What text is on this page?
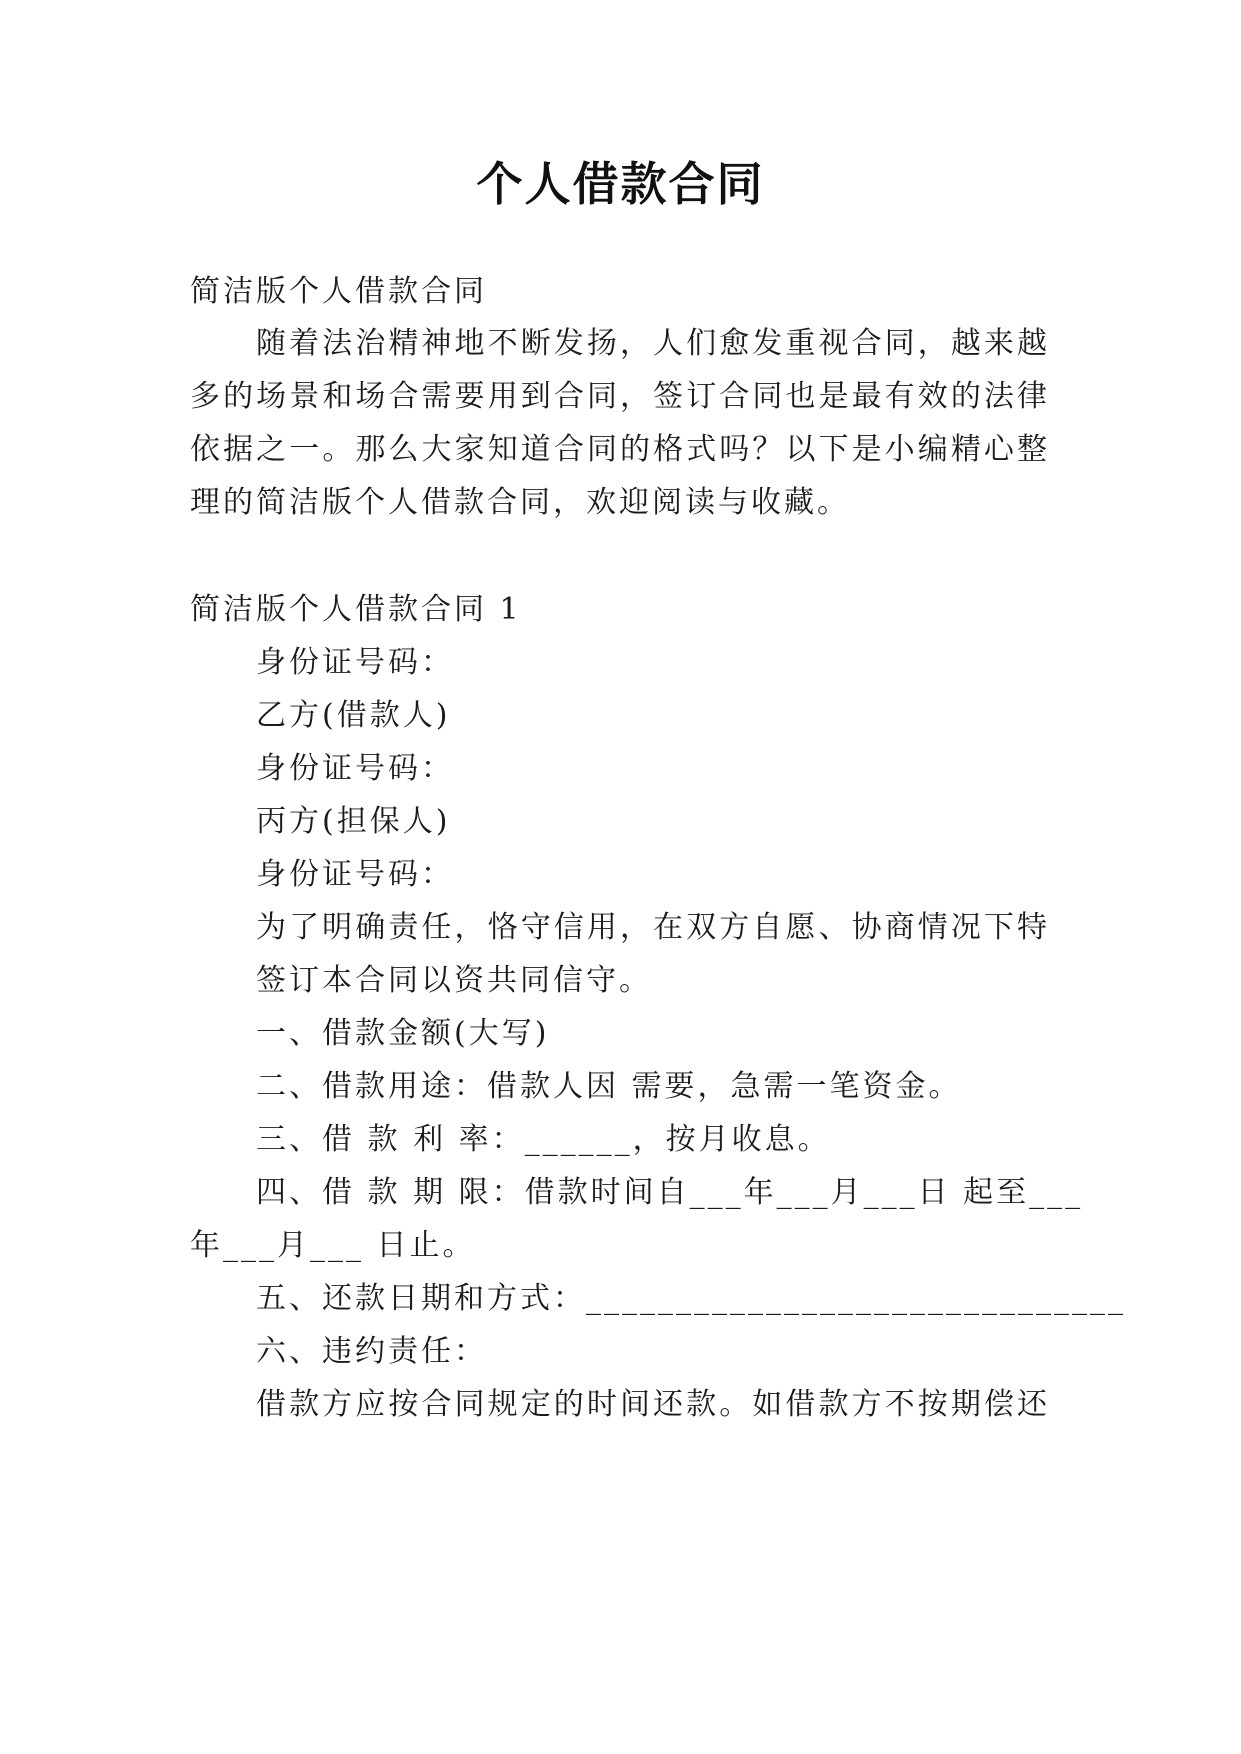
个人借款合同
简洁版个人借款合同
随着法治精神地不断发扬，人们愈发重视合同，越来越
多的场景和场合需要用到合同，签订合同也是最有效的法律
依据之一。那么大家知道合同的格式吗？以下是小编精心整
理的简洁版个人借款合同，欢迎阅读与收藏。
简洁版个人借款合同 1
身份证号码：
乙方(借款人)
身份证号码：
丙方(担保人)
身份证号码：
为了明确责任，恪守信用，在双方自愿、协商情况下特
签订本合同以资共同信守。
一、借款金额(大写)
二、借款用途：借款人因 需要，急需一笔资金。
三、借 款 利 率：______，按月收息。
四、借 款 期 限：借款时间自___年___月___日 起至___
年___月___ 日止。
五、还款日期和方式：______________________________
六、违约责任：
借款方应按合同规定的时间还款。如借款方不按期偿还
